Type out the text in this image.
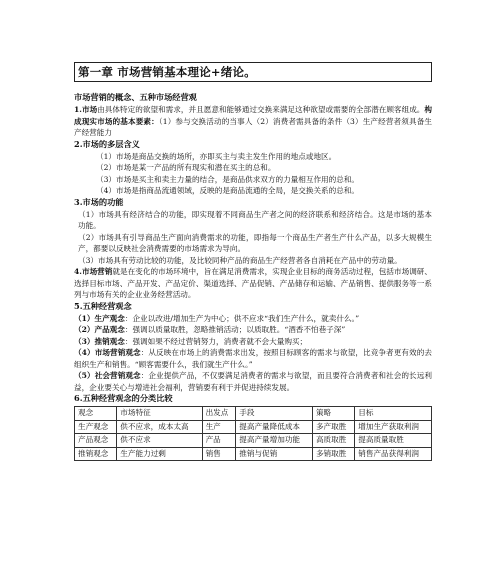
第一章 市场营销基本理论+绪论。
市场营销的概念、五种市场经营观

1.市场由具体特定的欲望和需求，并且愿意和能够通过交换来满足这种欲望或需要的全部潜在顾客组成。构成现实市场的基本要素：（1）参与交换活动的当事人（2）消费者需具备的条件（3）生产经营者须具备生产经营能力

2.市场的多层含义

（1）市场是商品交换的场所，亦即买主与卖主发生作用的地点或地区。

（2）市场是某一产品的所有现实和潜在买主的总和。

（3）市场是买主和卖主力量的结合，是商品供求双方的力量相互作用的总和。

（4）市场是指商品流通领域，反映的是商品流通的全局，是交换关系的总和。

3.市场的功能

（1）市场具有经济结合的功能，即实现着不同商品生产者之间的经济联系和经济结合。这是市场的基本功能。

（2）市场具有引导商品生产面向消费需求的功能，即指每一个商品生产者生产什么产品，以多大规模生产，都要以反映社会消费需要的市场需求为导向。

（3）市场具有劳动比较的功能，及比较同种产品的商品生产经营者各自消耗在产品中的劳动量。

4.市场营销就是在变化的市场环境中，旨在满足消费需求，实现企业目标的商务活动过程，包括市场调研、选择目标市场、产品开发、产品定价、渠道选择、产品促销、产品储存和运输、产品销售、提供服务等一系列与市场有关的企业业务经营活动。

5.五种经营观念

（1）生产观念：企业以改进/增加生产为中心；供不应求“我们生产什么，就卖什么。”

（2）产品观念：强调以质量取胜，忽略推销活动；以质取胜。“酒香不怕巷子深”

（3）推销观念：强调如果不经过营销努力，消费者就不会大量购买；

（4）市场营销观念：从反映在市场上的消费需求出发，按照目标顾客的需求与欲望，比竞争者更有效的去组织生产和销售。“顾客需要什么，我们就生产什么。”

（5）社会营销观念：企业提供产品，不仅要满足消费者的需求与欲望，而且要符合消费者和社会的长远利益，企业要关心与增进社会福利，营销要有利于并促进持续发展。

6.五种经营观念的分类比较
观念	市场特征	出发点	手段	策略	目标
生产观念	供不应求，成本太高	生产	提高产量降低成本	多产取胜	增加生产获取利润
产品观念	供不应求	产品	提高产量增加功能	高质取胜	提高质量取胜
推销观念	生产能力过剩	销售	推销与促销	多销取胜	销售产品获得利润
